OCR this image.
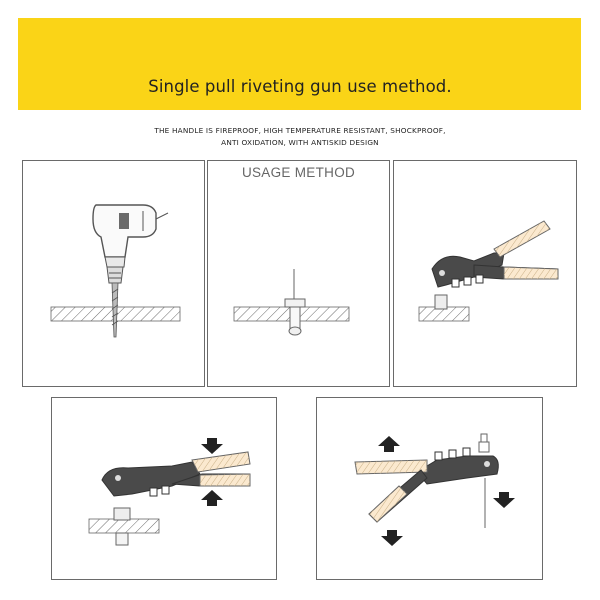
Single pull riveting gun use method.
THE HANDLE IS FIREPROOF, HIGH TEMPERATURE RESISTANT, SHOCKPROOF,
ANTI OXIDATION, WITH ANTISKID DESIGN
USAGE METHOD
